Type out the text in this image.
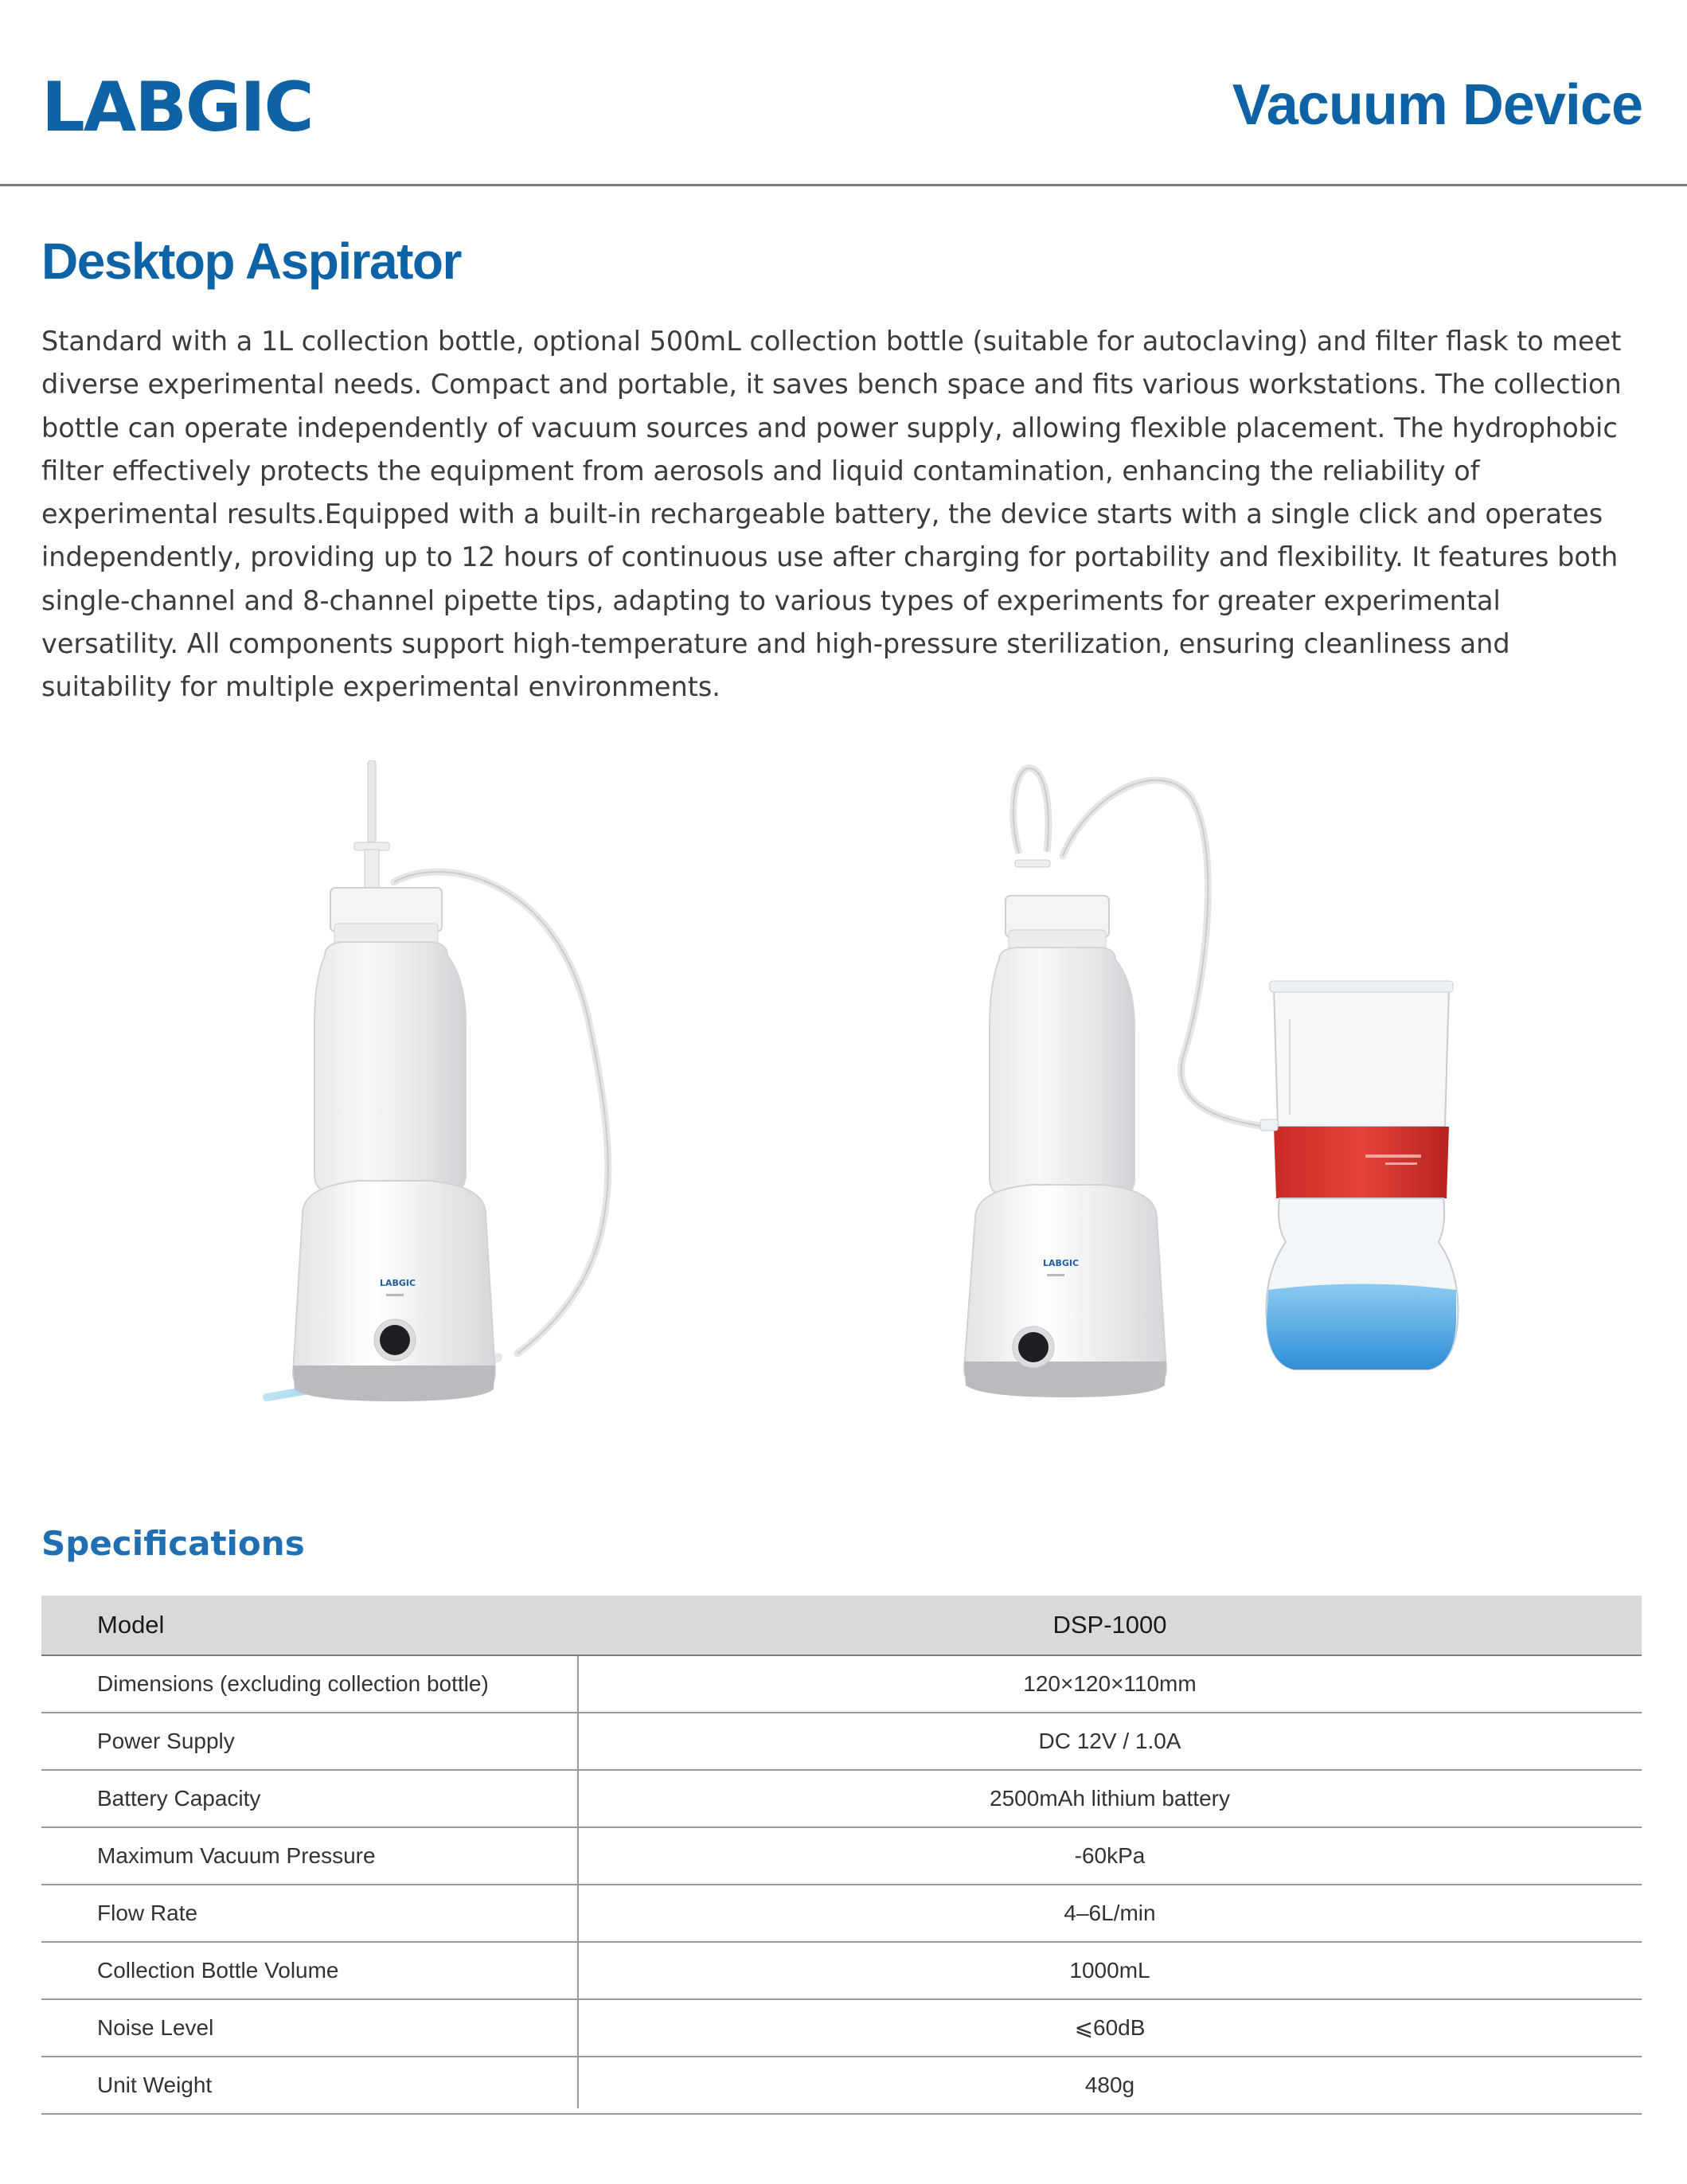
LABGIC	Vacuum Device
Desktop Aspirator

Standard with a 1L collection bottle, optional 500mL collection bottle (suitable for autoclaving) and filter flask to meet diverse experimental needs. Compact and portable, it saves bench space and fits various workstations. The collection bottle can operate independently of vacuum sources and power supply, allowing flexible placement. The hydrophobic filter effectively protects the equipment from aerosols and liquid contamination, enhancing the reliability of experimental results.Equipped with a built-in rechargeable battery, the device starts with a single click and operates independently, providing up to 12 hours of continuous use after charging for portability and flexibility. It features both single-channel and 8-channel pipette tips, adapting to various types of experiments for greater experimental versatility. All components support high-temperature and high-pressure sterilization, ensuring cleanliness and suitability for multiple experimental environments.

LABGIC
LABGIC
Specifications
Model	DSP-1000
Dimensions (excluding collection bottle)	120×120×110mm
Power Supply	DC 12V / 1.0A
Battery Capacity	2500mAh lithium battery
Maximum Vacuum Pressure	-60kPa
Flow Rate	4–6L/min
Collection Bottle Volume	1000mL
Noise Level	⩽60dB
Unit Weight	480g
